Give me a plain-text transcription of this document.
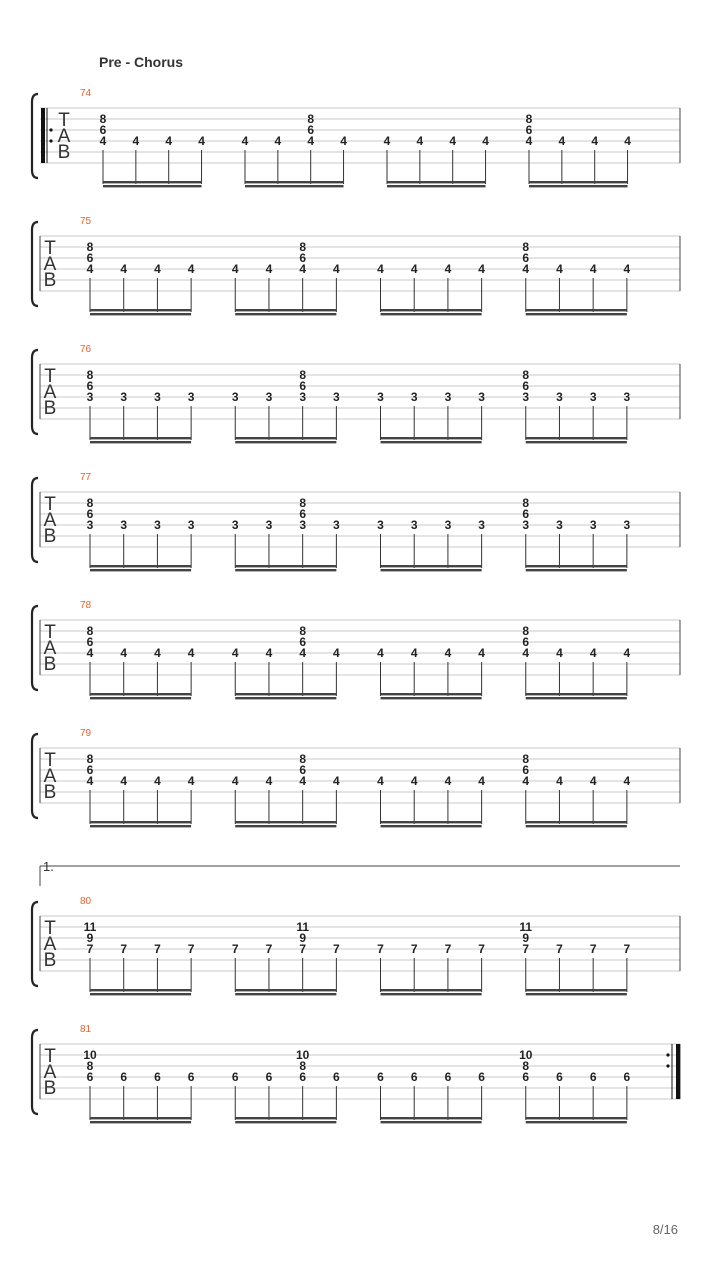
Pre - Chorus
74
T
A
B
4 4 4 4	4 4 4 4	4 4 4 4	4 4 4 4
8
6
8
6
8
6
75
T
A
B
4 4 4 4	4 4 4 4	4 4 4 4	4 4 4 4
8
6
8
6
8
6
76
T
A
B
3 3 3 3	3 3 3 3	3 3 3 3	3 3 3 3
8
6
8
6
8
6
77
T
A
B
3 3 3 3	3 3 3 3	3 3 3 3	3 3 3 3
8
6
8
6
8
6
78
T
A
B
4 4 4 4	4 4 4 4	4 4 4 4	4 4 4 4
8
6
8
6
8
6
79
T
A
B
4 4 4 4	4 4 4 4	4 4 4 4	4 4 4 4
8
6
8
6
8
6
80
T
A
B
7 7 7 7	7 7 7 7	7 7 7 7	7 7 7 7
11
9
11
9
11
9
81
T
A
B
6 6 6 6	6 6 6 6	6 6 6 6	6 6 6 6
10
8
10
8
10
8
1.
8/16
